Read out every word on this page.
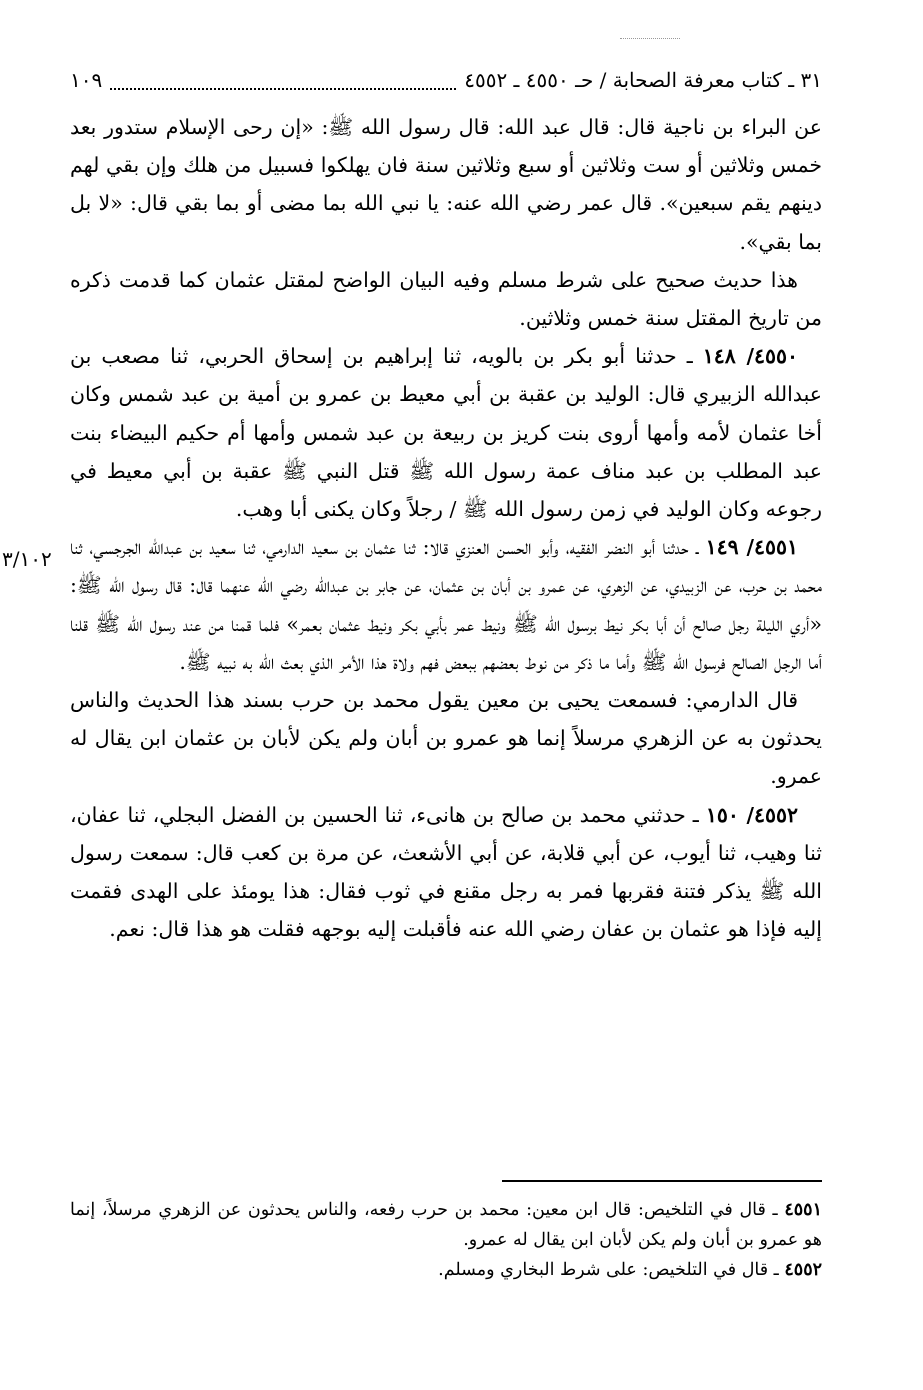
٣١ ـ كتاب معرفة الصحابة / حـ ٤٥٥٠ ـ ٤٥٥٢
١٠٩

عن البراء بن ناجية قال: قال عبد الله: قال رسول الله ﷺ: «إن رحى الإسلام ستدور بعد خمس وثلاثين أو ست وثلاثين أو سبع وثلاثين سنة فان يهلكوا فسبيل من هلك وإن بقي لهم دينهم يقم سبعين». قال عمر رضي الله عنه: يا نبي الله بما مضى أو بما بقي قال: «لا بل بما بقي».

هذا حديث صحيح على شرط مسلم وفيه البيان الواضح لمقتل عثمان كما قدمت ذكره من تاريخ المقتل سنة خمس وثلاثين.

٤٥٥٠/ ١٤٨ ـ حدثنا أبو بكر بن بالويه، ثنا إبراهيم بن إسحاق الحربي، ثنا مصعب بن عبدالله الزبيري قال: الوليد بن عقبة بن أبي معيط بن عمرو بن أمية بن عبد شمس وكان أخا عثمان لأمه وأمها أروى بنت كريز بن ربيعة بن عبد شمس وأمها أم حكيم البيضاء بنت عبد المطلب بن عبد مناف عمة رسول الله ﷺ قتل النبي ﷺ عقبة بن أبي معيط في رجوعه وكان الوليد في زمن رسول الله ﷺ / رجلاً وكان يكنى أبا وهب.

٤٥٥١/ ١٤٩ ـ حدثنا أبو النضر الفقيه، وأبو الحسن العنزي قالا: ثنا عثمان بن سعيد الدارمي، ثنا سعيد بن عبدالله الجرجسي، ثنا محمد بن حرب، عن الزبيدي، عن الزهري، عن عمرو بن أبان بن عثمان، عن جابر بن عبدالله رضي الله عنهما قال: قال رسول الله ﷺ: «أري الليلة رجل صالح أن أبا بكر نيط برسول الله ﷺ ونيط عمر بأبي بكر ونيط عثمان بعمر» فلما قمنا من عند رسول الله ﷺ قلنا أما الرجل الصالح فرسول الله ﷺ وأما ما ذكر من نوط بعضهم ببعض فهم ولاة هذا الأمر الذي بعث الله به نبيه ﷺ.

قال الدارمي: فسمعت يحيى بن معين يقول محمد بن حرب بسند هذا الحديث والناس يحدثون به عن الزهري مرسلاً إنما هو عمرو بن أبان ولم يكن لأبان بن عثمان ابن يقال له عمرو.

٤٥٥٢/ ١٥٠ ـ حدثني محمد بن صالح بن هانىء، ثنا الحسين بن الفضل البجلي، ثنا عفان، ثنا وهيب، ثنا أيوب، عن أبي قلابة، عن أبي الأشعث، عن مرة بن كعب قال: سمعت رسول الله ﷺ يذكر فتنة فقربها فمر به رجل مقنع في ثوب فقال: هذا يومئذ على الهدى فقمت إليه فإذا هو عثمان بن عفان رضي الله عنه فأقبلت إليه بوجهه فقلت هو هذا قال: نعم.

٣/١٠٢

٤٥٥١ ـ قال في التلخيص: قال ابن معين: محمد بن حرب رفعه، والناس يحدثون عن الزهري مرسلاً، إنما هو عمرو بن أبان ولم يكن لأبان ابن يقال له عمرو.

٤٥٥٢ ـ قال في التلخيص: على شرط البخاري ومسلم.
